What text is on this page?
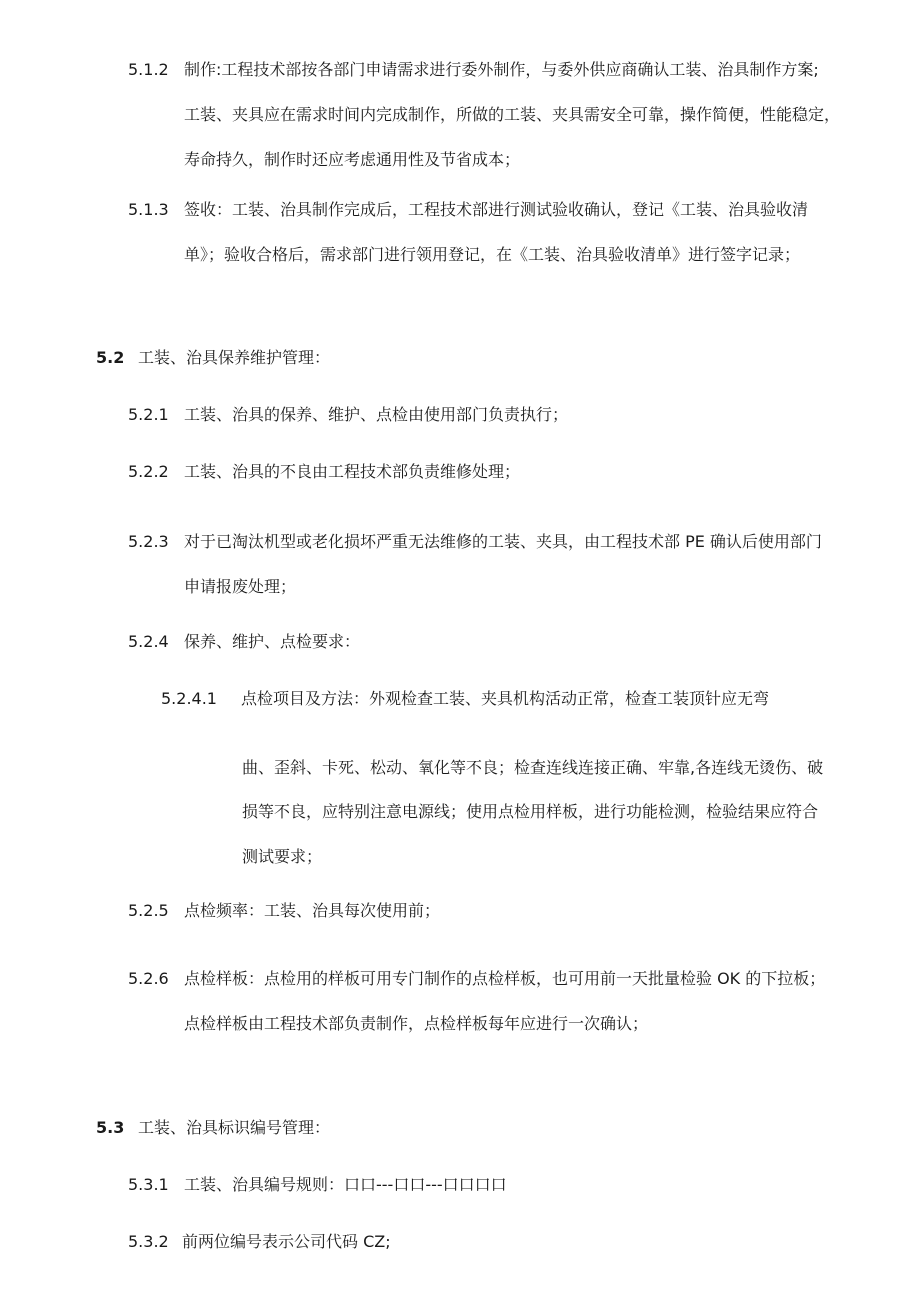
5.1.2 制作:工程技术部按各部门申请需求进行委外制作，与委外供应商确认工装、治具制作方案;
工装、夹具应在需求时间内完成制作，所做的工装、夹具需安全可靠，操作简便，性能稳定，
寿命持久，制作时还应考虑通用性及节省成本；
5.1.3 签收：工装、治具制作完成后，工程技术部进行测试验收确认，登记《工装、治具验收清
单》；验收合格后，需求部门进行领用登记，在《工装、治具验收清单》进行签字记录；
5.2 工装、治具保养维护管理：
5.2.1 工装、治具的保养、维护、点检由使用部门负责执行；
5.2.2 工装、治具的不良由工程技术部负责维修处理；
5.2.3 对于已淘汰机型或老化损坏严重无法维修的工装、夹具，由工程技术部 PE 确认后使用部门
申请报废处理；
5.2.4 保养、维护、点检要求：
5.2.4.1 点检项目及方法：外观检查工装、夹具机构活动正常，检查工装顶针应无弯
曲、歪斜、卡死、松动、氧化等不良；检查连线连接正确、牢靠,各连线无烫伤、破
损等不良，应特别注意电源线；使用点检用样板，进行功能检测，检验结果应符合
测试要求；
5.2.5 点检频率：工装、治具每次使用前；
5.2.6 点检样板：点检用的样板可用专门制作的点检样板，也可用前一天批量检验 OK 的下拉板；
点检样板由工程技术部负责制作，点检样板每年应进行一次确认；
5.3 工装、治具标识编号管理：
5.3.1 工装、治具编号规则：口口---口口---口口口口
5.3.2 前两位编号表示公司代码 CZ;
